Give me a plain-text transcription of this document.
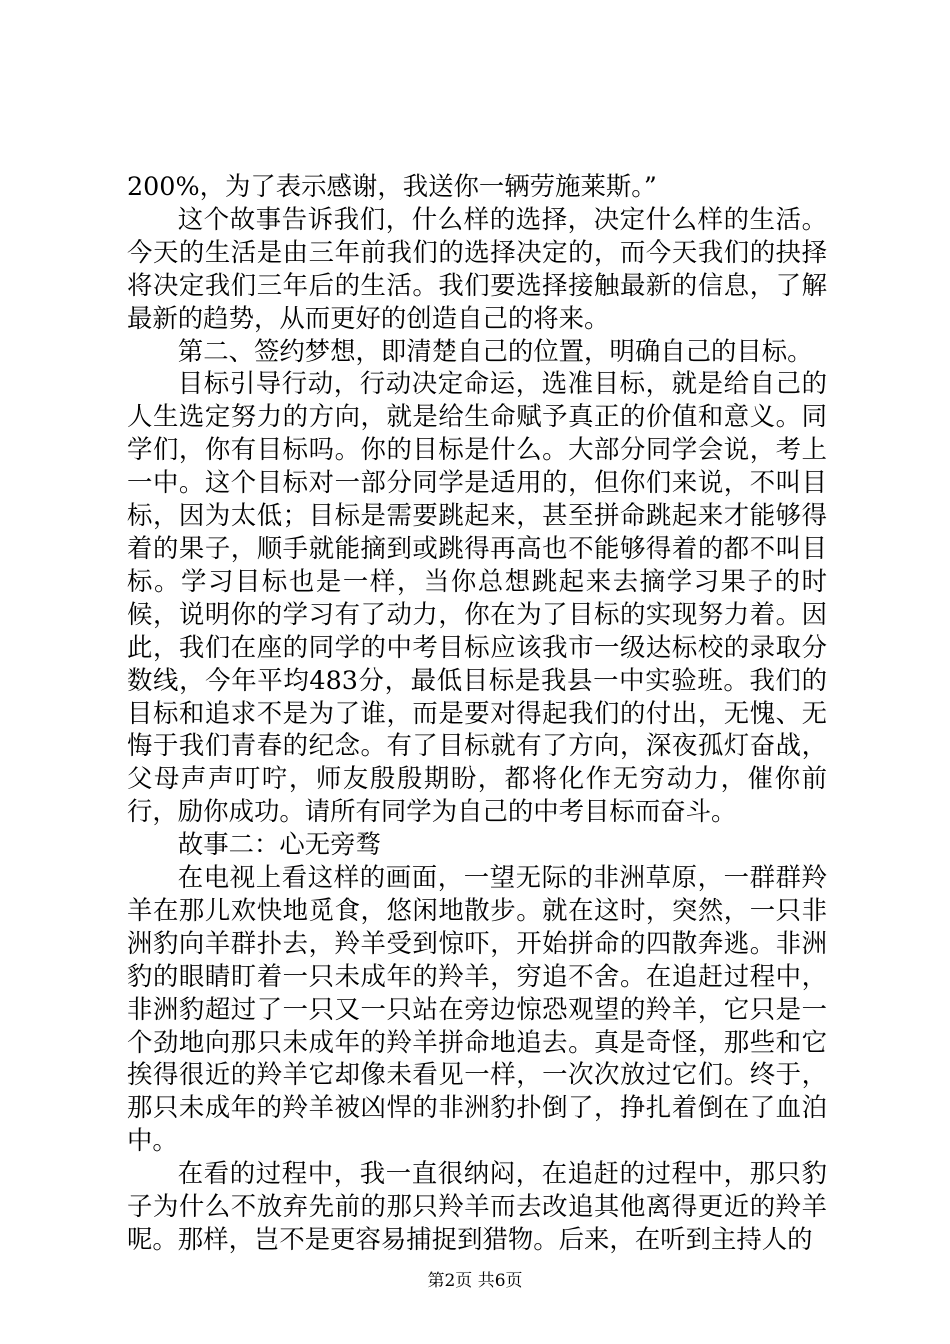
200%，为了表示感谢，我送你一辆劳施莱斯。”

这个故事告诉我们，什么样的选择，决定什么样的生活。今天的生活是由三年前我们的选择决定的，而今天我们的抉择将决定我们三年后的生活。我们要选择接触最新的信息，了解最新的趋势，从而更好的创造自己的将来。

第二、签约梦想，即清楚自己的位置，明确自己的目标。

目标引导行动，行动决定命运，选准目标，就是给自己的人生选定努力的方向，就是给生命赋予真正的价值和意义。同学们，你有目标吗。你的目标是什么。大部分同学会说，考上一中。这个目标对一部分同学是适用的，但你们来说，不叫目标，因为太低；目标是需要跳起来，甚至拼命跳起来才能够得着的果子，顺手就能摘到或跳得再高也不能够得着的都不叫目标。学习目标也是一样，当你总想跳起来去摘学习果子的时候，说明你的学习有了动力，你在为了目标的实现努力着。因此，我们在座的同学的中考目标应该我市一级达标校的录取分数线，今年平均483分，最低目标是我县一中实验班。我们的目标和追求不是为了谁，而是要对得起我们的付出，无愧、无悔于我们青春的纪念。有了目标就有了方向，深夜孤灯奋战，父母声声叮咛，师友殷殷期盼，都将化作无穷动力，催你前行，励你成功。请所有同学为自己的中考目标而奋斗。

故事二：心无旁骛

在电视上看这样的画面，一望无际的非洲草原，一群群羚羊在那儿欢快地觅食，悠闲地散步。就在这时，突然，一只非洲豹向羊群扑去，羚羊受到惊吓，开始拼命的四散奔逃。非洲豹的眼睛盯着一只未成年的羚羊，穷追不舍。在追赶过程中，非洲豹超过了一只又一只站在旁边惊恐观望的羚羊，它只是一个劲地向那只未成年的羚羊拼命地追去。真是奇怪，那些和它挨得很近的羚羊它却像未看见一样，一次次放过它们。终于，那只未成年的羚羊被凶悍的非洲豹扑倒了，挣扎着倒在了血泊中。

在看的过程中，我一直很纳闷，在追赶的过程中，那只豹子为什么不放弃先前的那只羚羊而去改追其他离得更近的羚羊呢。那样，岂不是更容易捕捉到猎物。后来，在听到主持人的

第2页 共6页
